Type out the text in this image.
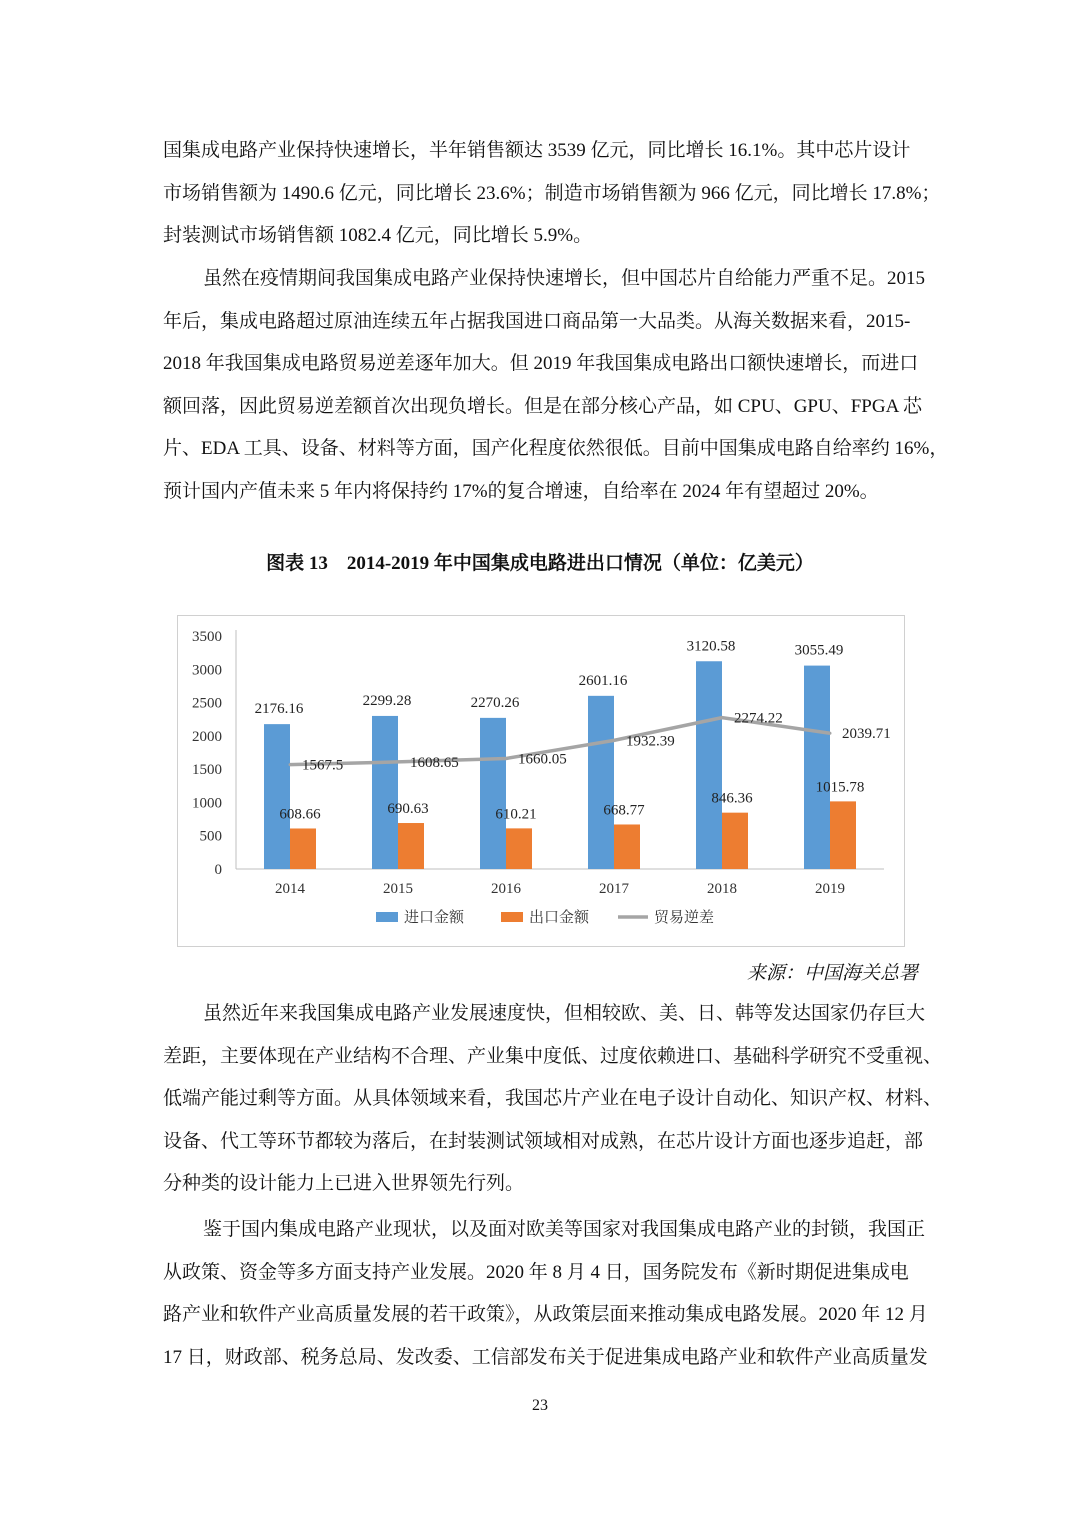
国集成电路产业保持快速增长，半年销售额达 3539 亿元，同比增长 16.1%。其中芯片设计
市场销售额为 1490.6 亿元，同比增长 23.6%；制造市场销售额为 966 亿元，同比增长 17.8%；
封装测试市场销售额 1082.4 亿元，同比增长 5.9%。
虽然在疫情期间我国集成电路产业保持快速增长，但中国芯片自给能力严重不足。2015
年后，集成电路超过原油连续五年占据我国进口商品第一大品类。从海关数据来看，2015-
2018 年我国集成电路贸易逆差逐年加大。但 2019 年我国集成电路出口额快速增长，而进口
额回落，因此贸易逆差额首次出现负增长。但是在部分核心产品，如 CPU、GPU、FPGA 芯
片、EDA 工具、设备、材料等方面，国产化程度依然很低。目前中国集成电路自给率约 16%，
预计国内产值未来 5 年内将保持约 17%的复合增速，自给率在 2024 年有望超过 20%。
图表 13　2014-2019 年中国集成电路进出口情况（单位：亿美元）
0
500
1000
1500
2000
2500
3000
3500
2176.16
608.66
2014
2299.28
690.63
2015
2270.26
610.21
2016
2601.16
668.77
2017
3120.58
846.36
2018
3055.49
1015.78
2019
1567.5	1608.65	1660.05
1932.39
2274.22
2039.71
进口金额	出口金额	贸易逆差
来源：中国海关总署
虽然近年来我国集成电路产业发展速度快，但相较欧、美、日、韩等发达国家仍存巨大
差距，主要体现在产业结构不合理、产业集中度低、过度依赖进口、基础科学研究不受重视、
低端产能过剩等方面。从具体领域来看，我国芯片产业在电子设计自动化、知识产权、材料、
设备、代工等环节都较为落后，在封装测试领域相对成熟，在芯片设计方面也逐步追赶，部
分种类的设计能力上已进入世界领先行列。
鉴于国内集成电路产业现状，以及面对欧美等国家对我国集成电路产业的封锁，我国正
从政策、资金等多方面支持产业发展。2020 年 8 月 4 日，国务院发布《新时期促进集成电
路产业和软件产业高质量发展的若干政策》，从政策层面来推动集成电路发展。2020 年 12 月
17 日，财政部、税务总局、发改委、工信部发布关于促进集成电路产业和软件产业高质量发
23
